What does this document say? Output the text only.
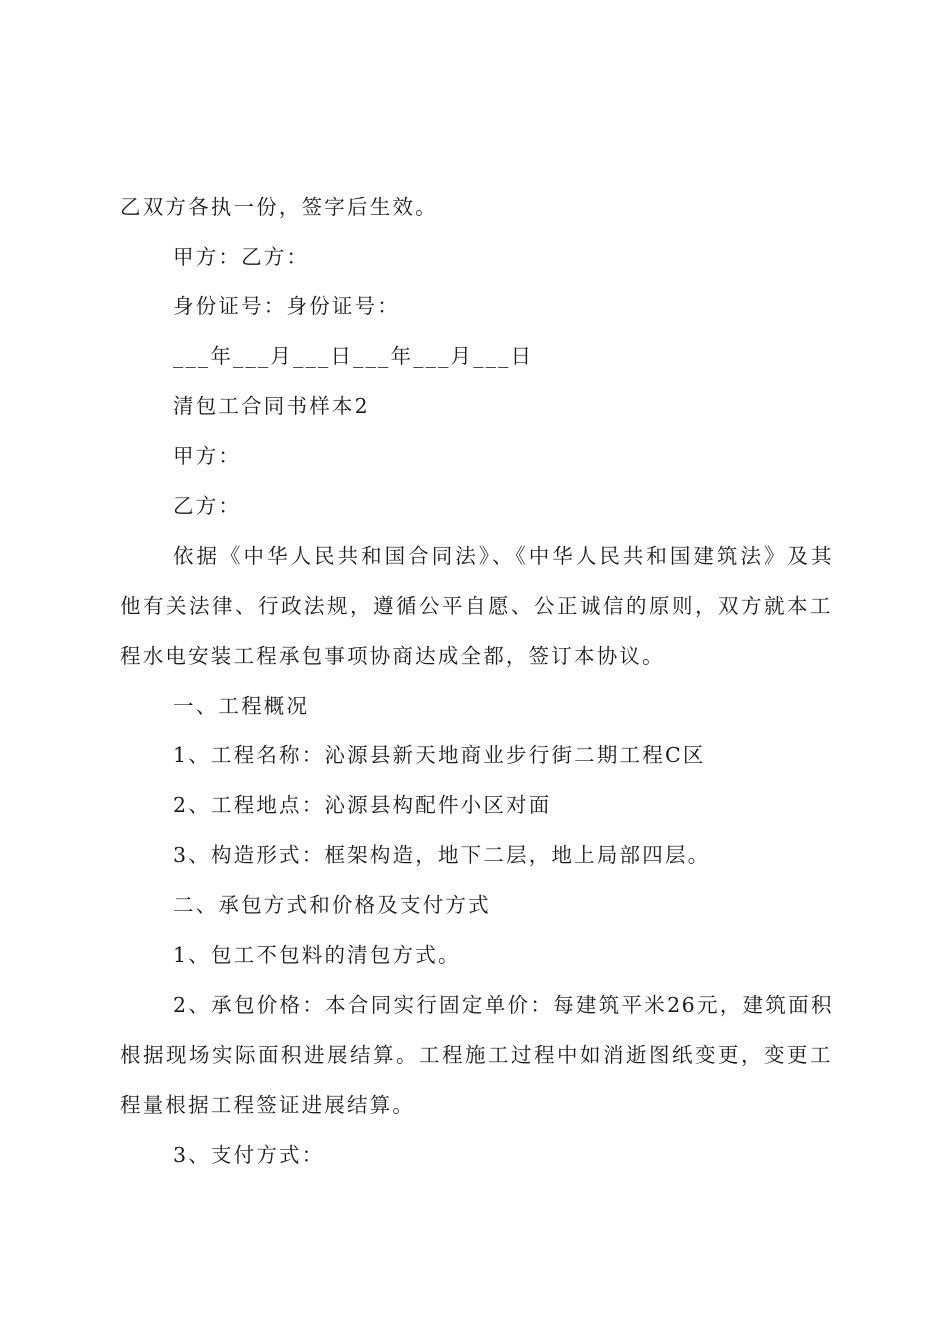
乙双方各执一份，签字后生效。
甲方：乙方：
身份证号：身份证号：
___年___月___日___年___月___日
清包工合同书样本2
甲方：
乙方：
依据《中华人民共和国合同法》、《中华人民共和国建筑法》及其
他有关法律、行政法规，遵循公平自愿、公正诚信的原则，双方就本工
程水电安装工程承包事项协商达成全都，签订本协议。
一、工程概况
1、工程名称：沁源县新天地商业步行街二期工程C区
2、工程地点：沁源县构配件小区对面
3、构造形式：框架构造，地下二层，地上局部四层。
二、承包方式和价格及支付方式
1、包工不包料的清包方式。
2、承包价格：本合同实行固定单价：每建筑平米26元，建筑面积
根据现场实际面积进展结算。工程施工过程中如消逝图纸变更，变更工
程量根据工程签证进展结算。
3、支付方式：
